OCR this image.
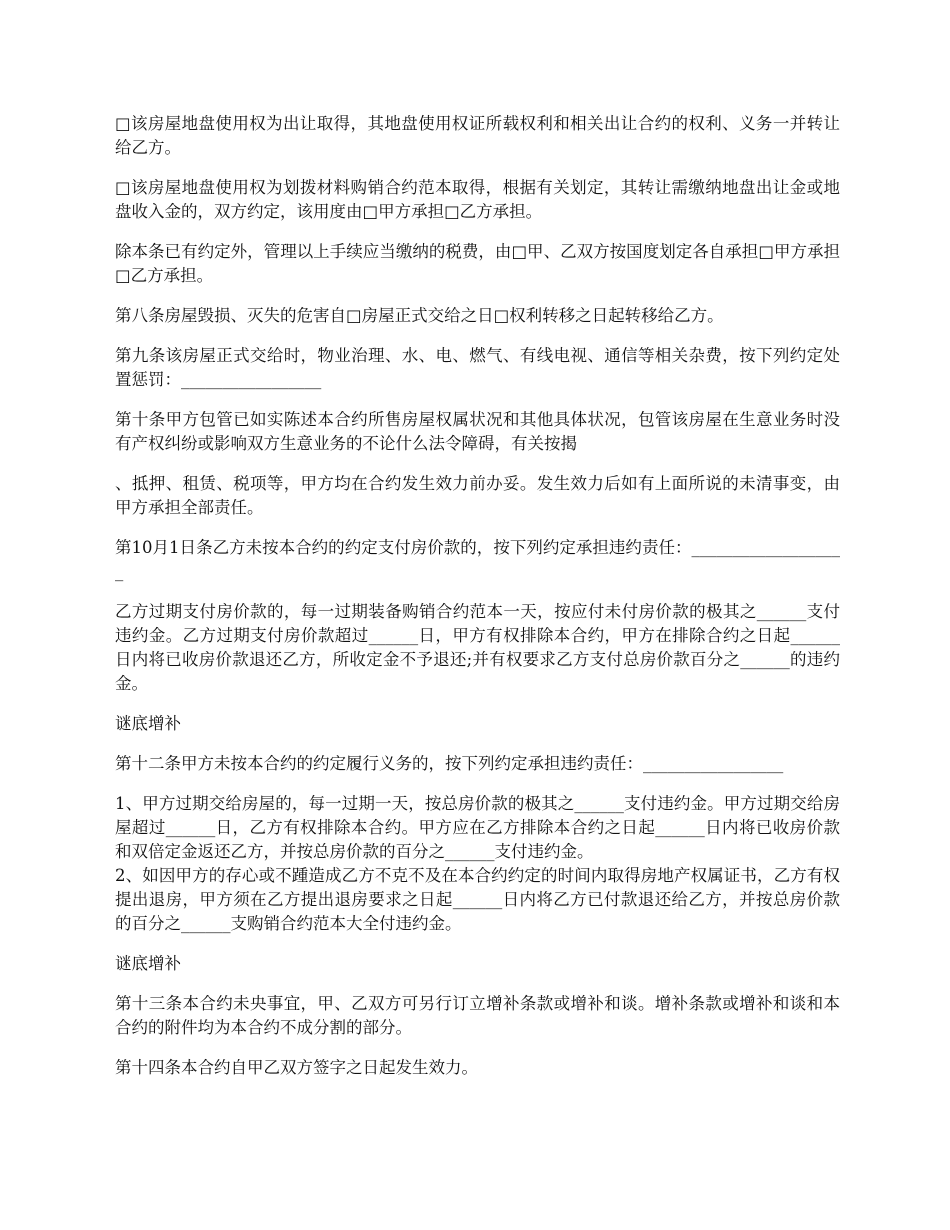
□该房屋地盘使用权为出让取得，其地盘使用权证所载权利和相关出让合约的权利、义务一并转让给乙方。

□该房屋地盘使用权为划拨材料购销合约范本取得，根据有关划定，其转让需缴纳地盘出让金或地盘收入金的，双方约定，该用度由□甲方承担□乙方承担。

除本条已有约定外，管理以上手续应当缴纳的税费，由□甲、乙双方按国度划定各自承担□甲方承担□乙方承担。

第八条房屋毁损、灭失的危害自□房屋正式交给之日□权利转移之日起转移给乙方。

第九条该房屋正式交给时，物业治理、水、电、燃气、有线电视、通信等相关杂费，按下列约定处置惩罚：_________________

第十条甲方包管已如实陈述本合约所售房屋权属状况和其他具体状况，包管该房屋在生意业务时没有产权纠纷或影响双方生意业务的不论什么法令障碍，有关按揭

、抵押、租赁、税项等，甲方均在合约发生效力前办妥。发生效力后如有上面所说的未清事变，由甲方承担全部责任。

第10月1日条乙方未按本合约的约定支付房价款的，按下列约定承担违约责任：___________________

乙方过期支付房价款的，每一过期装备购销合约范本一天，按应付未付房价款的极其之______支付违约金。乙方过期支付房价款超过______日，甲方有权排除本合约，甲方在排除合约之日起______日内将已收房价款退还乙方，所收定金不予退还;并有权要求乙方支付总房价款百分之______的违约金。

谜底增补

第十二条甲方未按本合约的约定履行义务的，按下列约定承担违约责任：_________________

1、甲方过期交给房屋的，每一过期一天，按总房价款的极其之______支付违约金。甲方过期交给房屋超过______日，乙方有权排除本合约。甲方应在乙方排除本合约之日起______日内将已收房价款和双倍定金返还乙方，并按总房价款的百分之______支付违约金。

2、如因甲方的存心或不踵造成乙方不克不及在本合约约定的时间内取得房地产权属证书，乙方有权提出退房，甲方须在乙方提出退房要求之日起______日内将乙方已付款退还给乙方，并按总房价款的百分之______支购销合约范本大全付违约金。

谜底增补

第十三条本合约未央事宜，甲、乙双方可另行订立增补条款或增补和谈。增补条款或增补和谈和本合约的附件均为本合约不成分割的部分。

第十四条本合约自甲乙双方签字之日起发生效力。
